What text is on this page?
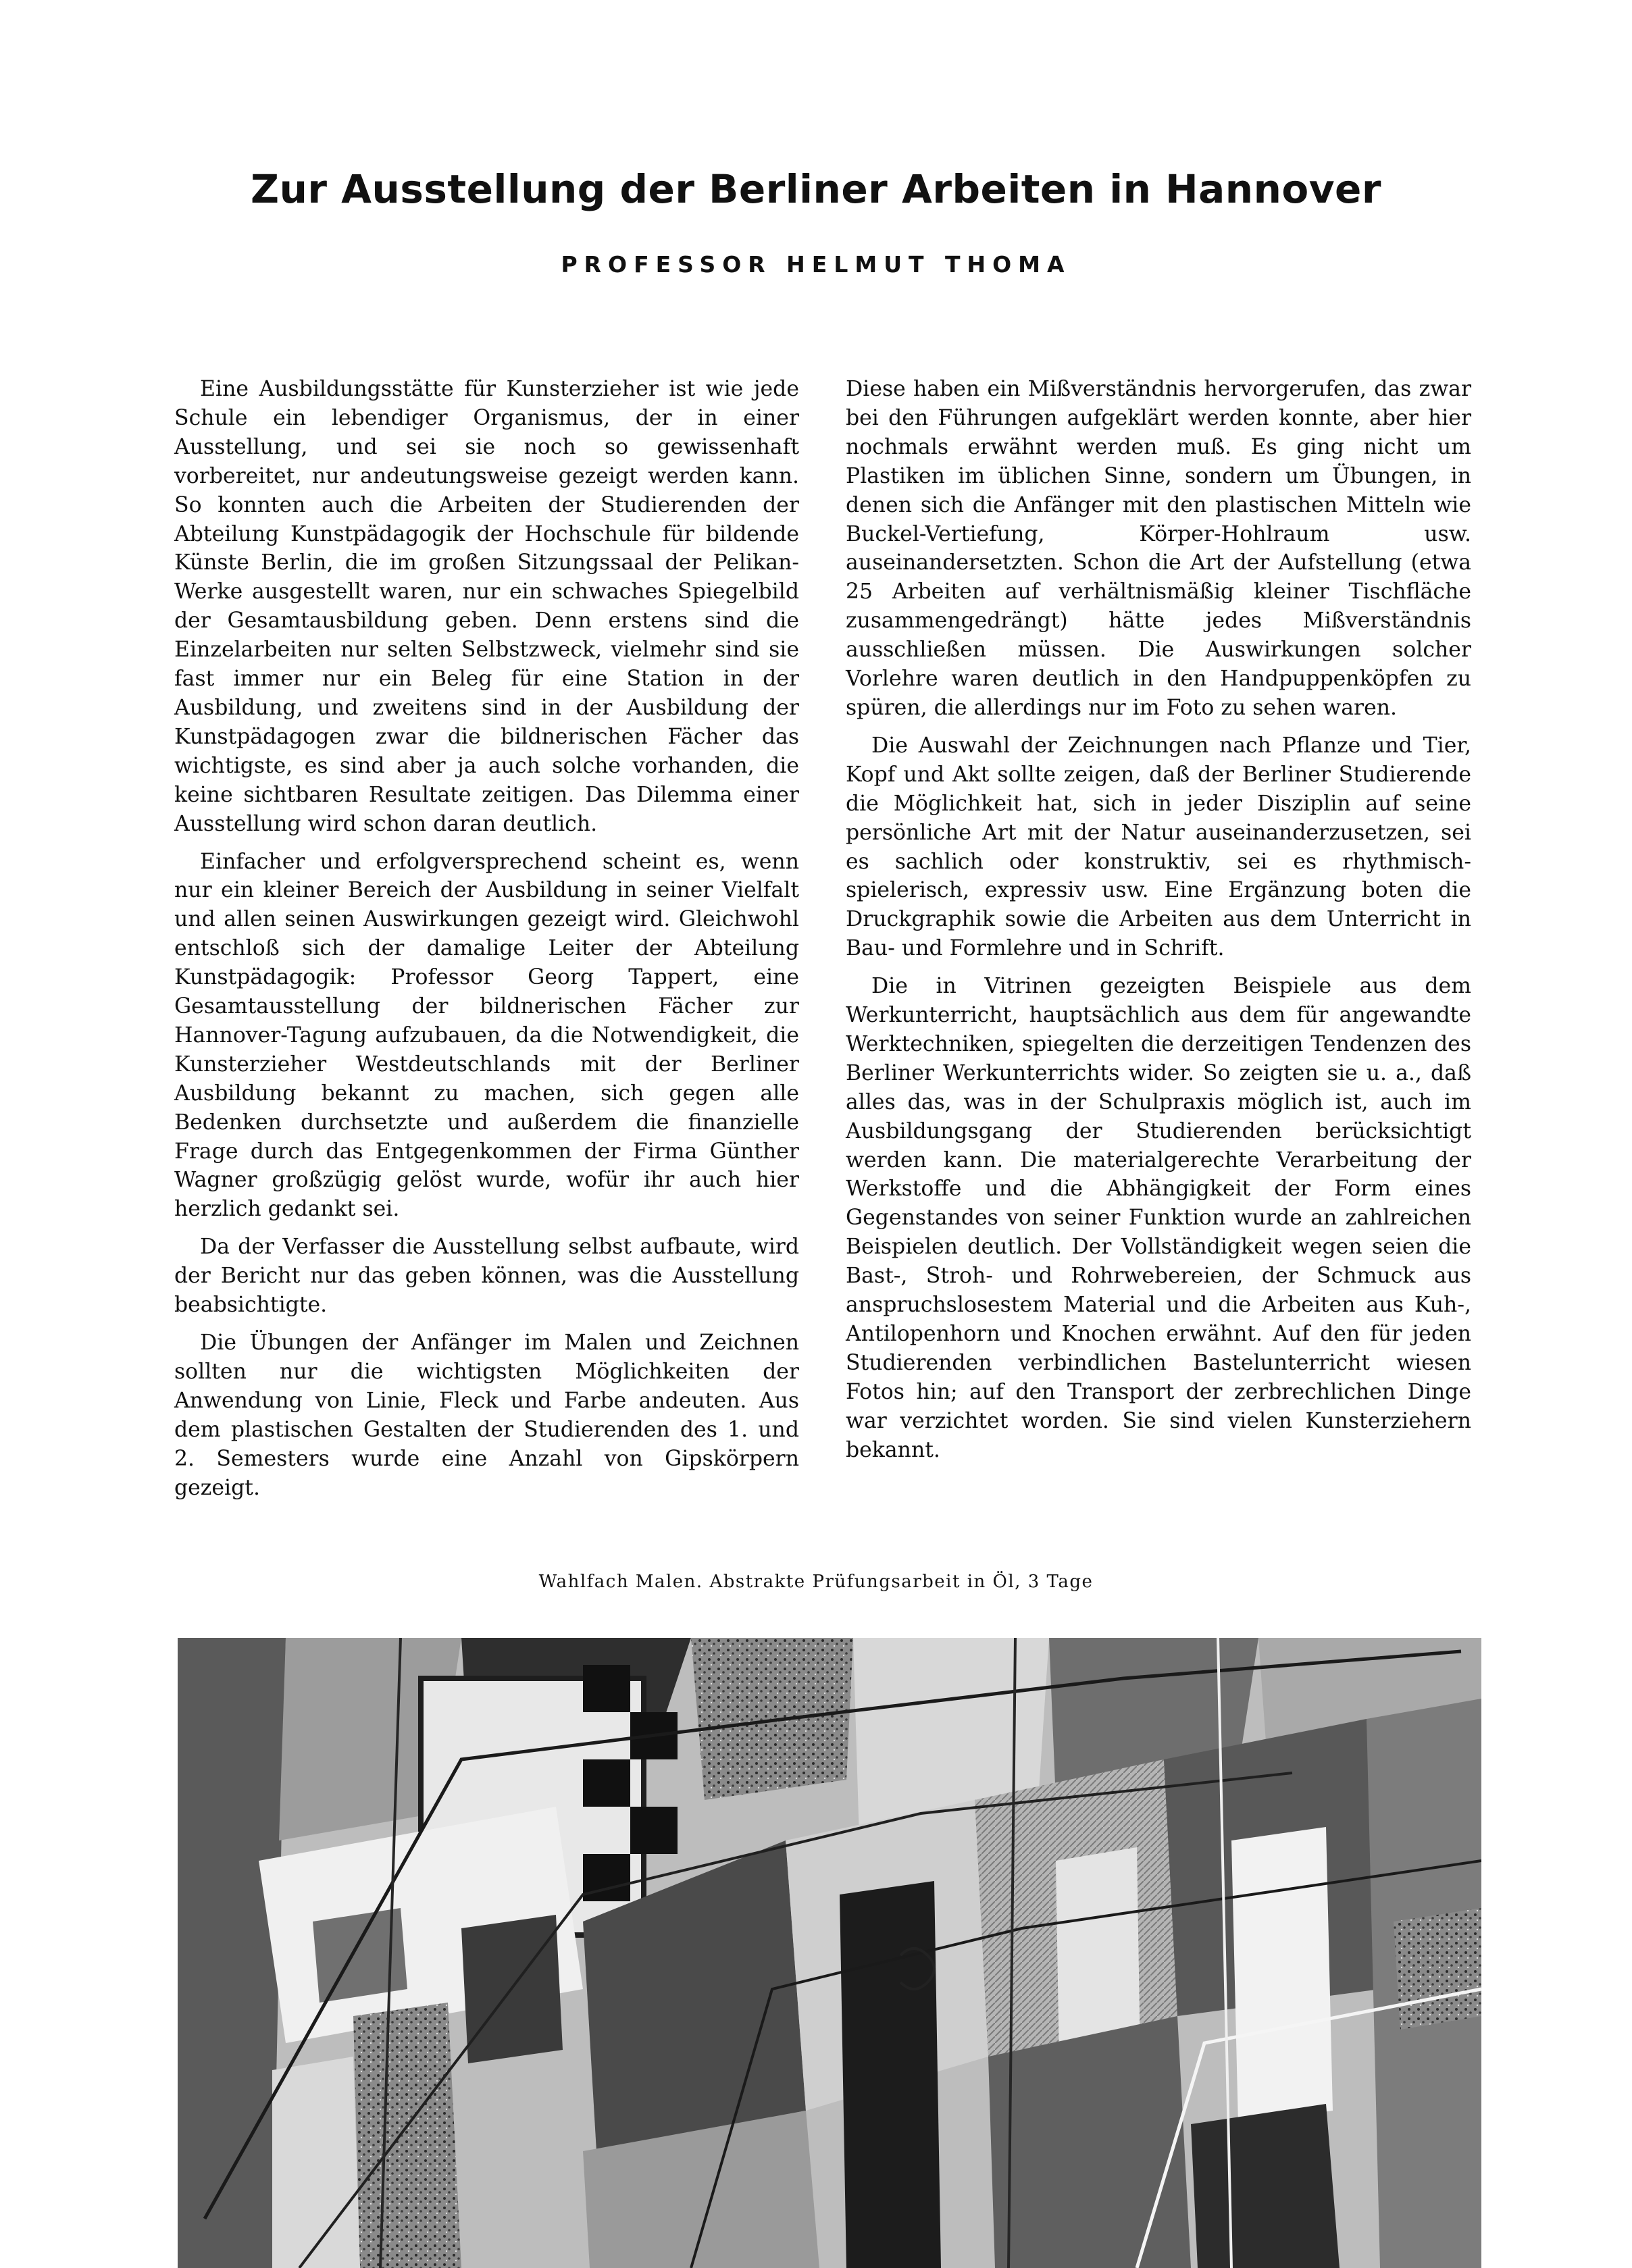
Zur Ausstellung der Berliner Arbeiten in Hannover
PROFESSOR HELMUT THOMA

Eine Ausbildungsstätte für Kunsterzieher ist wie jede Schule ein lebendiger Organismus, der in einer Ausstellung, und sei sie noch so gewissenhaft vorbereitet, nur andeutungsweise gezeigt werden kann. So konnten auch die Arbeiten der Studierenden der Abteilung Kunstpädagogik der Hochschule für bildende Künste Berlin, die im großen Sitzungssaal der Pelikan-Werke ausgestellt waren, nur ein schwaches Spiegelbild der Gesamtausbildung geben. Denn erstens sind die Einzelarbeiten nur selten Selbstzweck, vielmehr sind sie fast immer nur ein Beleg für eine Station in der Ausbildung, und zweitens sind in der Ausbildung der Kunstpädagogen zwar die bildnerischen Fächer das wichtigste, es sind aber ja auch solche vorhanden, die keine sichtbaren Resultate zeitigen. Das Dilemma einer Ausstellung wird schon daran deutlich.

Einfacher und erfolgversprechend scheint es, wenn nur ein kleiner Bereich der Ausbildung in seiner Vielfalt und allen seinen Auswirkungen gezeigt wird. Gleichwohl entschloß sich der damalige Leiter der Abteilung Kunstpädagogik: Professor Georg Tappert, eine Gesamtausstellung der bildnerischen Fächer zur Hannover-Tagung aufzubauen, da die Notwendigkeit, die Kunsterzieher Westdeutschlands mit der Berliner Ausbildung bekannt zu machen, sich gegen alle Bedenken durchsetzte und außerdem die finanzielle Frage durch das Entgegenkommen der Firma Günther Wagner großzügig gelöst wurde, wofür ihr auch hier herzlich gedankt sei.

Da der Verfasser die Ausstellung selbst aufbaute, wird der Bericht nur das geben können, was die Ausstellung beabsichtigte.

Die Übungen der Anfänger im Malen und Zeichnen sollten nur die wichtigsten Möglichkeiten der Anwendung von Linie, Fleck und Farbe andeuten. Aus dem plastischen Gestalten der Studierenden des 1. und 2. Semesters wurde eine Anzahl von Gipskörpern gezeigt.

Diese haben ein Mißverständnis hervorgerufen, das zwar bei den Führungen aufgeklärt werden konnte, aber hier nochmals erwähnt werden muß. Es ging nicht um Plastiken im üblichen Sinne, sondern um Übungen, in denen sich die Anfänger mit den plastischen Mitteln wie Buckel-Vertiefung, Körper-Hohlraum usw. auseinandersetzten. Schon die Art der Aufstellung (etwa 25 Arbeiten auf verhältnismäßig kleiner Tischfläche zusammengedrängt) hätte jedes Mißverständnis ausschließen müssen. Die Auswirkungen solcher Vorlehre waren deutlich in den Handpuppenköpfen zu spüren, die allerdings nur im Foto zu sehen waren.

Die Auswahl der Zeichnungen nach Pflanze und Tier, Kopf und Akt sollte zeigen, daß der Berliner Studierende die Möglichkeit hat, sich in jeder Disziplin auf seine persönliche Art mit der Natur auseinanderzusetzen, sei es sachlich oder konstruktiv, sei es rhythmisch-spielerisch, expressiv usw. Eine Ergänzung boten die Druckgraphik sowie die Arbeiten aus dem Unterricht in Bau- und Formlehre und in Schrift.

Die in Vitrinen gezeigten Beispiele aus dem Werkunterricht, hauptsächlich aus dem für angewandte Werktechniken, spiegelten die derzeitigen Tendenzen des Berliner Werkunterrichts wider. So zeigten sie u. a., daß alles das, was in der Schulpraxis möglich ist, auch im Ausbildungsgang der Studierenden berücksichtigt werden kann. Die materialgerechte Verarbeitung der Werkstoffe und die Abhängigkeit der Form eines Gegenstandes von seiner Funktion wurde an zahlreichen Beispielen deutlich. Der Vollständigkeit wegen seien die Bast-, Stroh- und Rohrwebereien, der Schmuck aus anspruchslosestem Material und die Arbeiten aus Kuh-, Antilopenhorn und Knochen erwähnt. Auf den für jeden Studierenden verbindlichen Bastelunterricht wiesen Fotos hin; auf den Transport der zerbrechlichen Dinge war verzichtet worden. Sie sind vielen Kunsterziehern bekannt.

Wahlfach Malen. Abstrakte Prüfungsarbeit in Öl, 3 Tage
